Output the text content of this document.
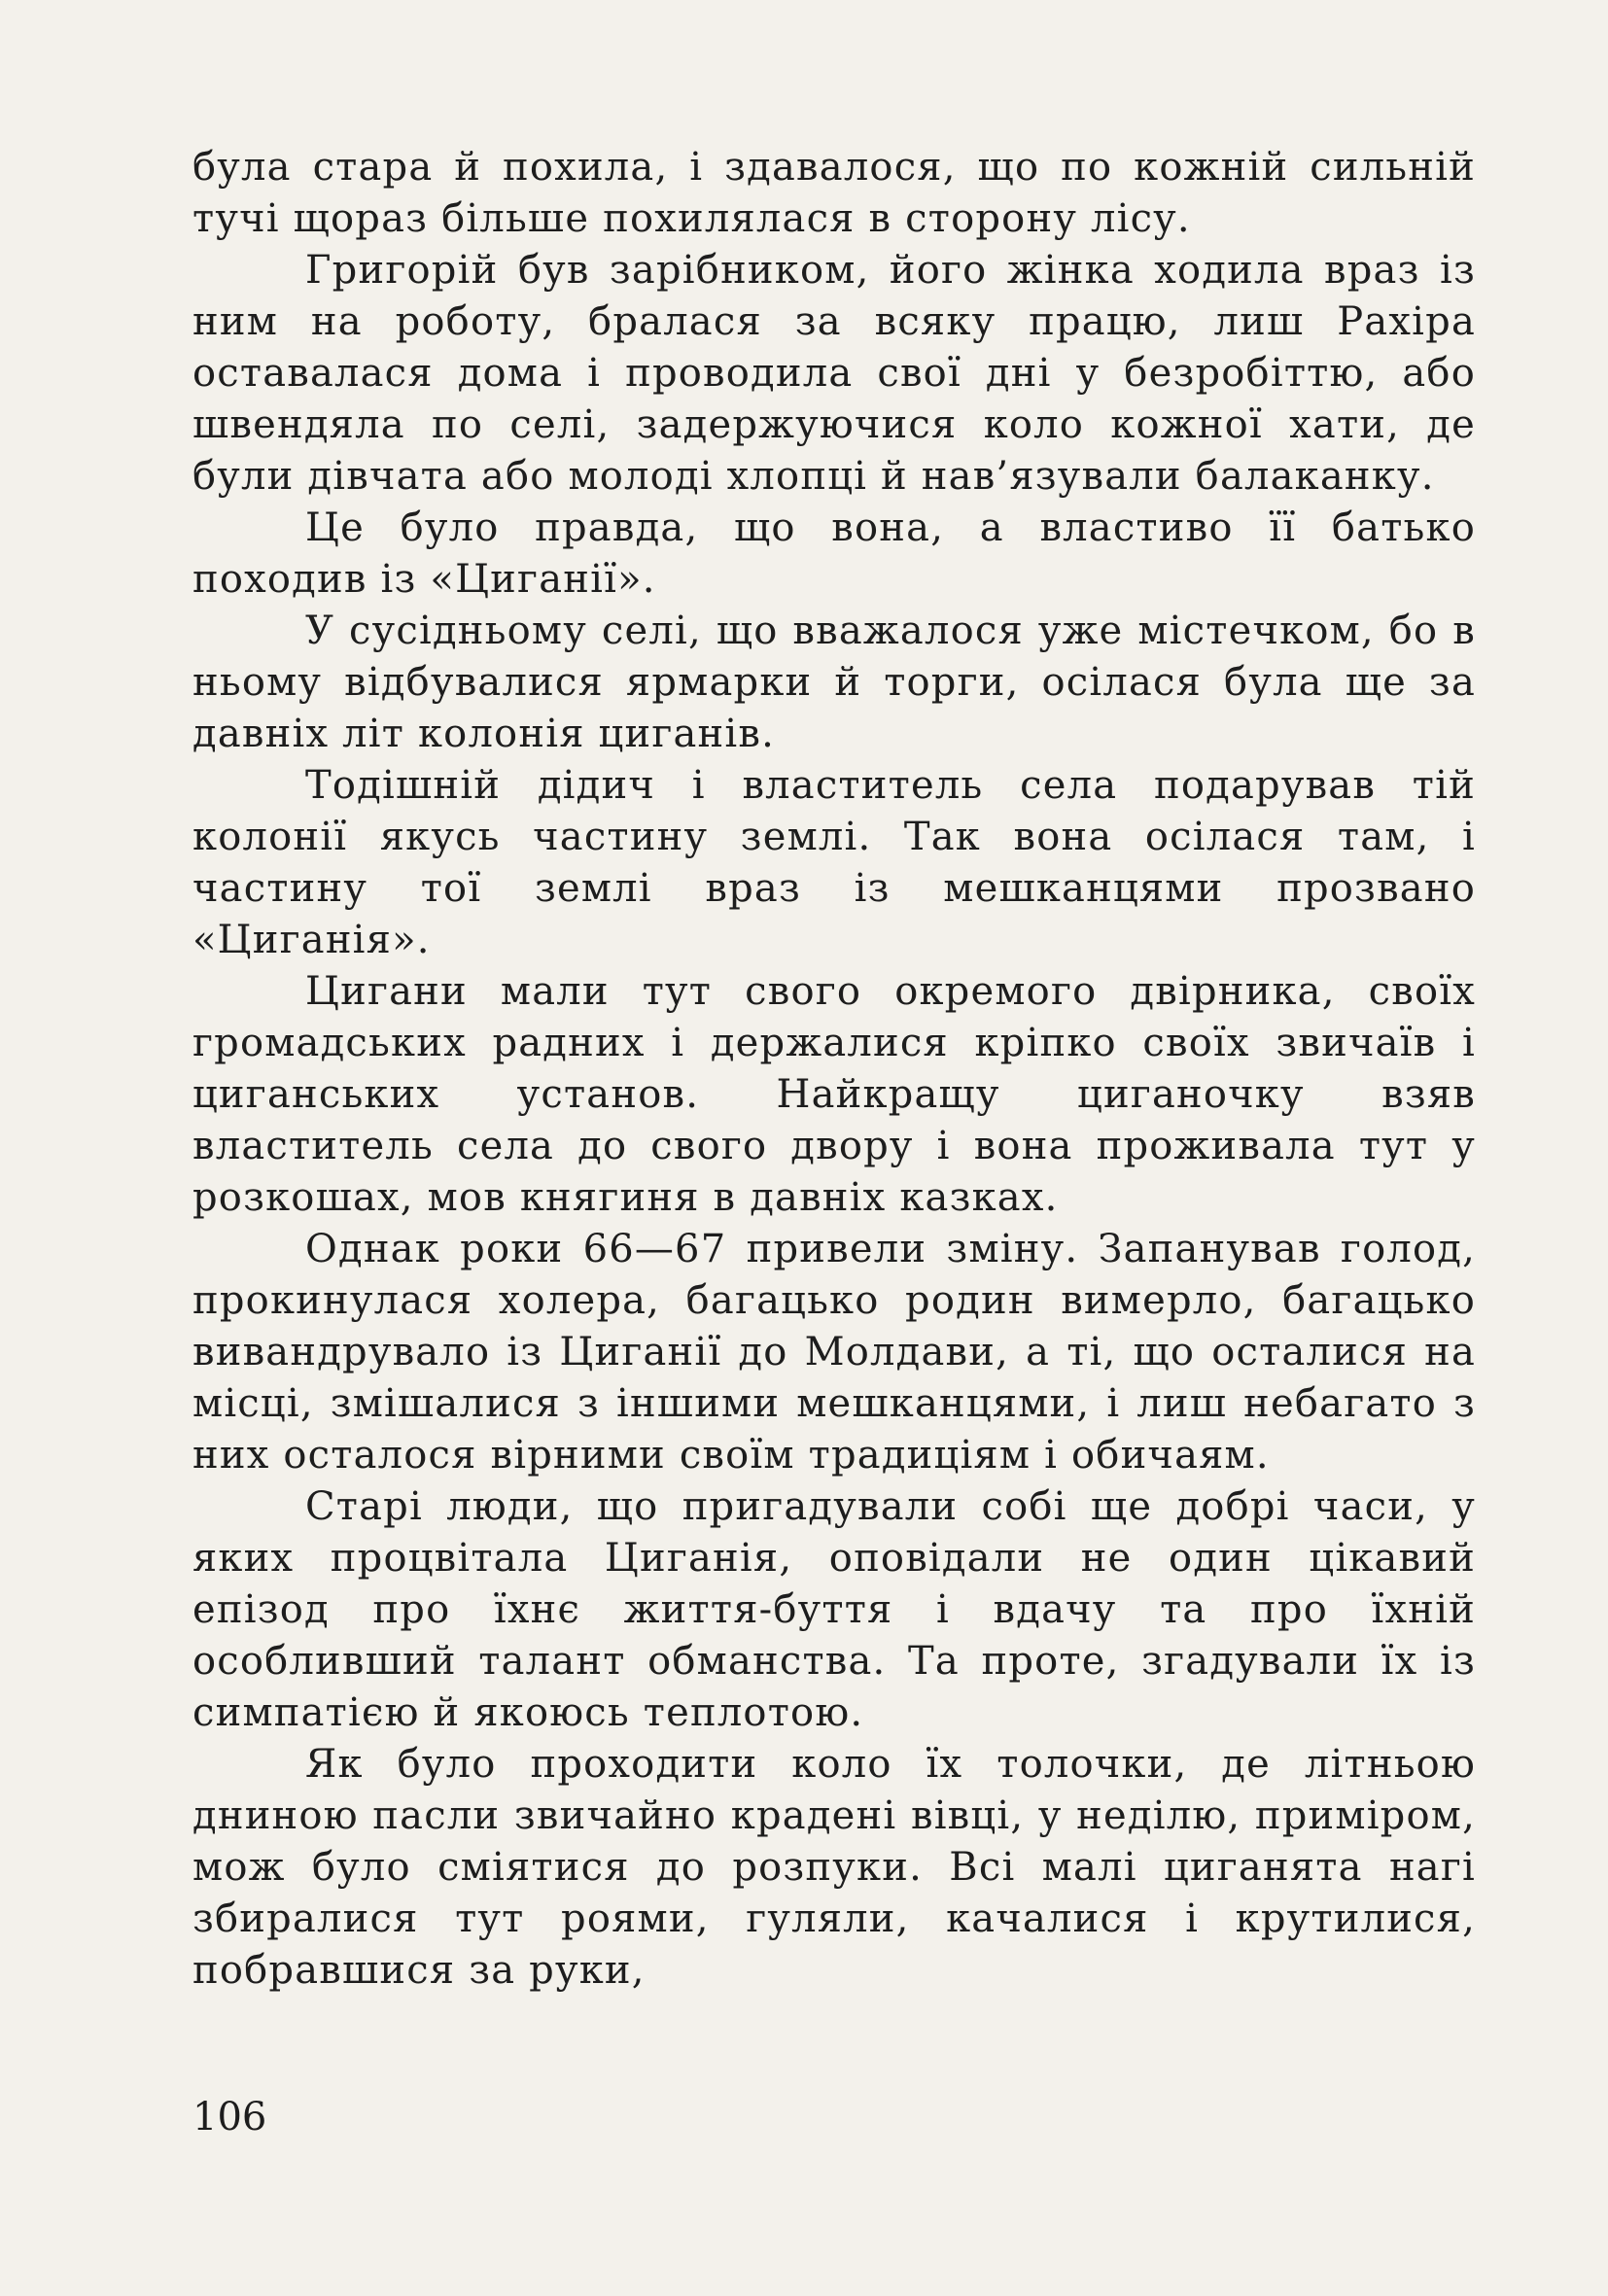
була стара й похила, і здавалося, що по кожній сильній тучі щораз більше похилялася в сторону лісу.

Григорій був зарібником, його жінка ходила враз із ним на роботу, бралася за всяку працю, лиш Рахіра оставалася дома і проводила свої дні у безробіттю, або швендяла по селі, задержуючися коло кожної хати, де були дівчата або молоді хлопці й нав’язували балаканку.

Це було правда, що вона, а властиво її батько походив із «Циганії».

У сусідньому селі, що вважалося уже містечком, бо в ньому відбувалися ярмарки й торги, осілася була ще за давніх літ колонія циганів.

Тодішній дідич і властитель села подарував тій колонії якусь частину землі. Так вона осілася там, і частину тої землі враз із мешканцями прозвано «Циганія».

Цигани мали тут свого окремого двірника, своїх громадських радних і держалися кріпко своїх звичаїв і циганських установ. Найкращу циганочку взяв властитель села до свого двору і вона проживала тут у розкошах, мов княгиня в давніх казках.

Однак роки 66—67 привели зміну. Запанував голод, прокинулася холера, багацько родин вимерло, багацько вивандрувало із Циганії до Молдави, а ті, що осталися на місці, змішалися з іншими мешканцями, і лиш небагато з них осталося вірними своїм традиціям і обичаям.

Старі люди, що пригадували собі ще добрі часи, у яких процвітала Циганія, оповідали не один цікавий епізод про їхнє життя-буття і вдачу та про їхній особливший талант обманства. Та проте, згадували їх із симпатією й якоюсь теплотою.

Як було проходити коло їх толочки, де літньою дниною пасли звичайно крадені вівці, у неділю, приміром, мож було сміятися до розпуки. Всі малі циганята нагі збиралися тут роями, гуляли, качалися і крутилися, побравшися за руки,

106
